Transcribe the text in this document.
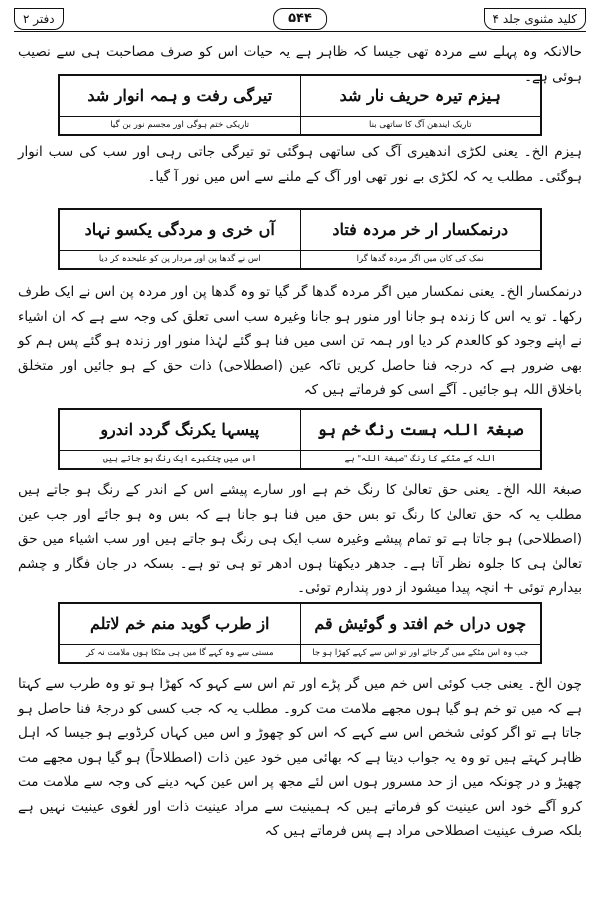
کلید مثنوی جلد ۴
۵۴۴
دفتر ۲
حالانکہ وہ پہلے سے مردہ تھی جیسا کہ ظاہر ہے یہ حیات اس کو صرف مصاحبت ہی سے نصیب ہوئی ہے۔
ہیزم تیرہ حریف نار شد
تیرگی رفت و ہمہ انوار شد
تاریک ایندھن آگ کا ساتھی بنا
تاریکی ختم ہوگی اور مجسم نور بن گیا
ہیزم الخ۔ یعنی لکڑی اندھیری آگ کی ساتھی ہوگئی تو تیرگی جاتی رہی اور سب کی سب انوار ہوگئی۔ مطلب یہ کہ لکڑی بے نور تھی اور آگ کے ملنے سے اس میں نور آ گیا۔
درنمکسار ار خر مردہ فتاد
آں خری و مردگی یکسو نہاد
نمک کی کان میں اگر مردہ گدھا گرا
اس نے گدھا پن اور مردار پن کو علیحدہ کر دیا
درنمکسار الخ۔ یعنی نمکسار میں اگر مردہ گدھا گر گیا تو وہ گدھا پن اور مردہ پن اس نے ایک طرف رکھا۔ تو یہ اس کا زندہ ہو جانا اور منور ہو جانا وغیرہ سب اسی تعلق کی وجہ سے ہے کہ ان اشیاء نے اپنے وجود کو کالعدم کر دیا اور ہمہ تن اسی میں فنا ہو گئے لہٰذا منور اور زندہ ہو گئے پس ہم کو بھی ضرور ہے کہ درجہ فنا حاصل کریں تاکہ عین (اصطلاحی) ذات حق کے ہو جائیں اور متخلق باخلاق اللہ ہو جائیں۔ آگے اسی کو فرماتے ہیں کہ
صبغۃ اللہ ہست رنگ خم ہو
پیسہا یکرنگ گردد اندرو
اللہ کے مٹکے کا رنگ "صبغۃ اللہ" ہے
اس میں چتکبرے ایک رنگ ہو جاتے ہیں
صبغۃ اللہ الخ۔ یعنی حق تعالیٰ کا رنگ خم ہے اور سارے پیشے اس کے اندر کے رنگ ہو جاتے ہیں مطلب یہ کہ حق تعالیٰ کا رنگ تو بس حق میں فنا ہو جانا ہے کہ بس وہ ہو جائے اور جب عین (اصطلاحی) ہو جاتا ہے تو تمام پیشے وغیرہ سب ایک ہی رنگ ہو جاتے ہیں اور سب اشیاء میں حق تعالیٰ ہی کا جلوہ نظر آتا ہے۔ جدھر دیکھتا ہوں ادھر تو ہی تو ہے۔ بسکہ در جان فگار و چشم بیدارم توئی + انچہ پیدا میشود از دور پندارم توئی۔
چوں دراں خم افتد و گوئیش قم
از طرب گوید منم خم لاتلم
جب وہ اس مٹکے میں گر جائے اور تو اس سے کہے کھڑا ہو جا
مستی سے وہ کہے گا میں ہی مٹکا ہوں ملامت نہ کر
چون الخ۔ یعنی جب کوئی اس خم میں گر پڑے اور تم اس سے کہو کہ کھڑا ہو تو وہ طرب سے کہتا ہے کہ میں تو خم ہو گیا ہوں مجھے ملامت مت کرو۔ مطلب یہ کہ جب کسی کو درجۂ فنا حاصل ہو جاتا ہے تو اگر کوئی شخص اس سے کہے کہ اس کو چھوڑ و اس میں کہاں کرڈوبے ہو جیسا کہ اہل ظاہر کہتے ہیں تو وہ یہ جواب دیتا ہے کہ بھائی میں خود عین ذات (اصطلاحاً) ہو گیا ہوں مجھے مت چھیڑ و در چونکہ میں از حد مسرور ہوں اس لئے مجھ پر اس عین کہہ دینے کی وجہ سے ملامت مت کرو آگے خود اس عینیت کو فرماتے ہیں کہ ہمینیت سے مراد عینیت ذات اور لغوی عینیت نہیں ہے بلکہ صرف عینیت اصطلاحی مراد ہے پس فرماتے ہیں کہ
